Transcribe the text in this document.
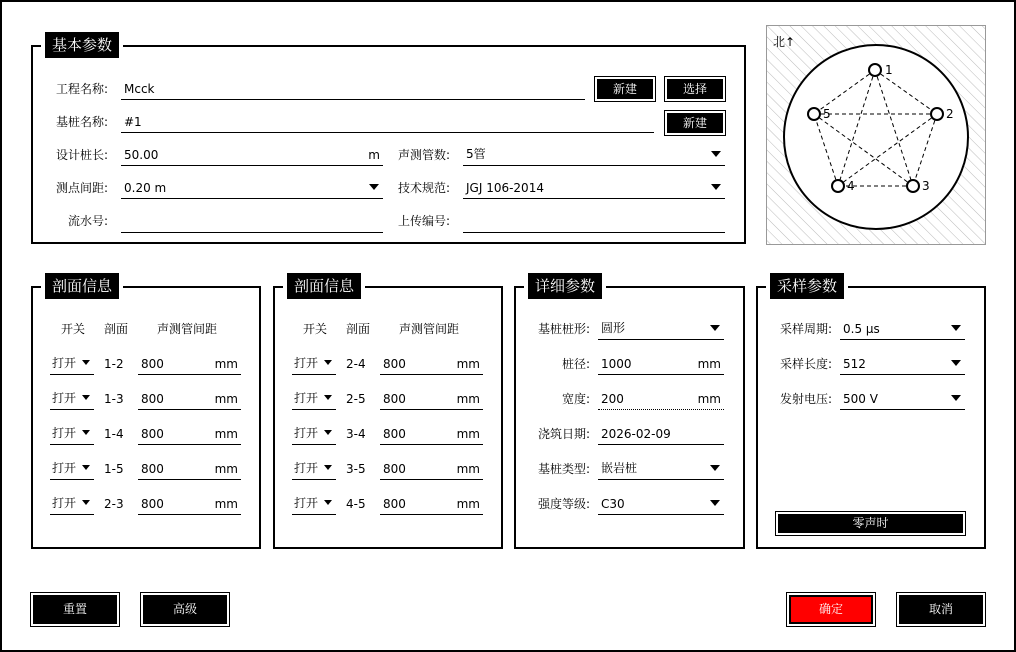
基本参数
工程名称: Mcck	新建	选择
基桩名称: #1	新建
设计桩长: 50.00	m 声测管数: 5管
测点间距: 0.20 m	技术规范: JGJ 106-2014
流水号:	上传编号:
北↑
1
2
3
4
5
剖面信息
开关 剖面 声测管间距
打开 1-2 800	mm
打开 1-3 800	mm
打开 1-4 800	mm
打开 1-5 800	mm
打开 2-3 800	mm
剖面信息
开关 剖面 声测管间距
打开 2-4 800	mm
打开 2-5 800	mm
打开 3-4 800	mm
打开 3-5 800	mm
打开 4-5 800	mm
详细参数
基桩桩形: 圆形
桩径: 1000	mm
宽度: 200	mm
浇筑日期: 2026-02-09
基桩类型: 嵌岩桩
强度等级: C30
采样参数
采样周期: 0.5 μs
采样长度: 512
发射电压: 500 V
零声时
重置	高级	确定	取消
